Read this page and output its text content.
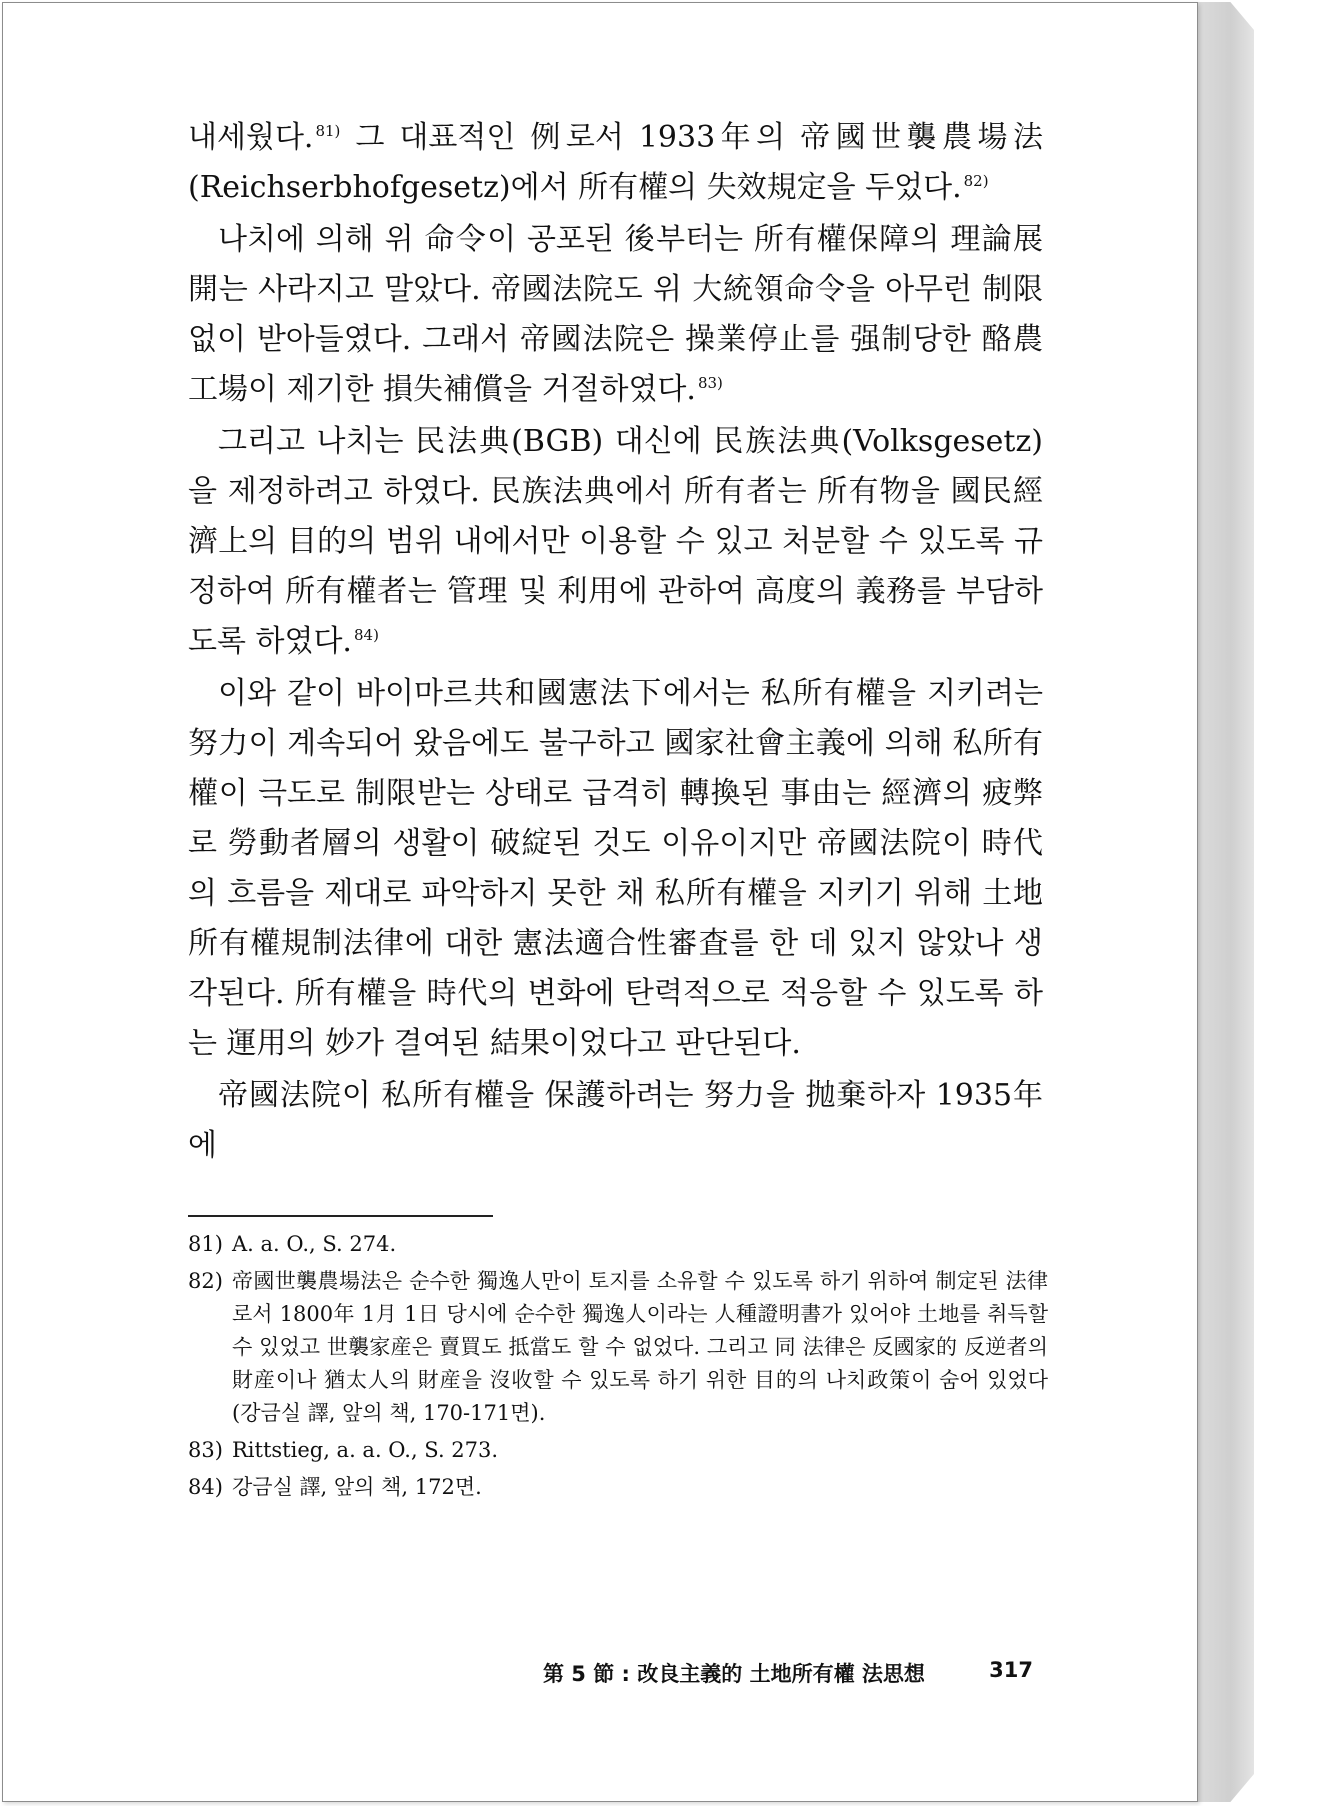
내세웠다. $^{81)}$ 그 대표적인 例로서 1933年의 帝國世襲農場法 (Reichserbhofgesetz)에서 所有權의 失效規定을 두었다. $^{82)}$

나치에 의해 위 命令이 공포된 後부터는 所有權保障의 理論展開는 사라지고 말았다. 帝國法院도 위 大統領命令을 아무런 制限 없이 받아들였다. 그래서 帝國法院은 操業停止를 强制당한 酪農工場이 제기한 損失補償을 거절하였다. $^{83)}$

그리고 나치는 民法典(BGB) 대신에 民族法典(Volksgesetz)을 제정하려고 하였다. 民族法典에서 所有者는 所有物을 國民經濟上의 目的의 범위 내에서만 이용할 수 있고 처분할 수 있도록 규정하여 所有權者는 管理 및 利用에 관하여 高度의 義務를 부담하도록 하였다. $^{84)}$

이와 같이 바이마르共和國憲法下에서는 私所有權을 지키려는 努力이 계속되어 왔음에도 불구하고 國家社會主義에 의해 私所有權이 극도로 制限받는 상태로 급격히 轉換된 事由는 經濟의 疲弊로 勞動者層의 생활이 破綻된 것도 이유이지만 帝國法院이 時代의 흐름을 제대로 파악하지 못한 채 私所有權을 지키기 위해 土地所有權規制法律에 대한 憲法適合性審査를 한 데 있지 않았나 생각된다. 所有權을 時代의 변화에 탄력적으로 적응할 수 있도록 하는 運用의 妙가 결여된 結果이었다고 판단된다.

帝國法院이 私所有權을 保護하려는 努力을 抛棄하자 1935年에

81) A. a. O., S. 274.
82) 帝國世襲農場法은 순수한 獨逸人만이 토지를 소유할 수 있도록 하기 위하여 制定된 法律로서 1800年 1月 1日 당시에 순수한 獨逸人이라는 人種證明書가 있어야 土地를 취득할 수 있었고 世襲家産은 賣買도 抵當도 할 수 없었다. 그리고 同 法律은 反國家的 反逆者의 財産이나 猶太人의 財産을 沒收할 수 있도록 하기 위한 目的의 나치政策이 숨어 있었다(강금실 譯, 앞의 책, 170-171면).
83) Rittstieg, a. a. O., S. 273.
84) 강금실 譯, 앞의 책, 172면.
第 5 節 : 改良主義的 土地所有權 法思想	317
